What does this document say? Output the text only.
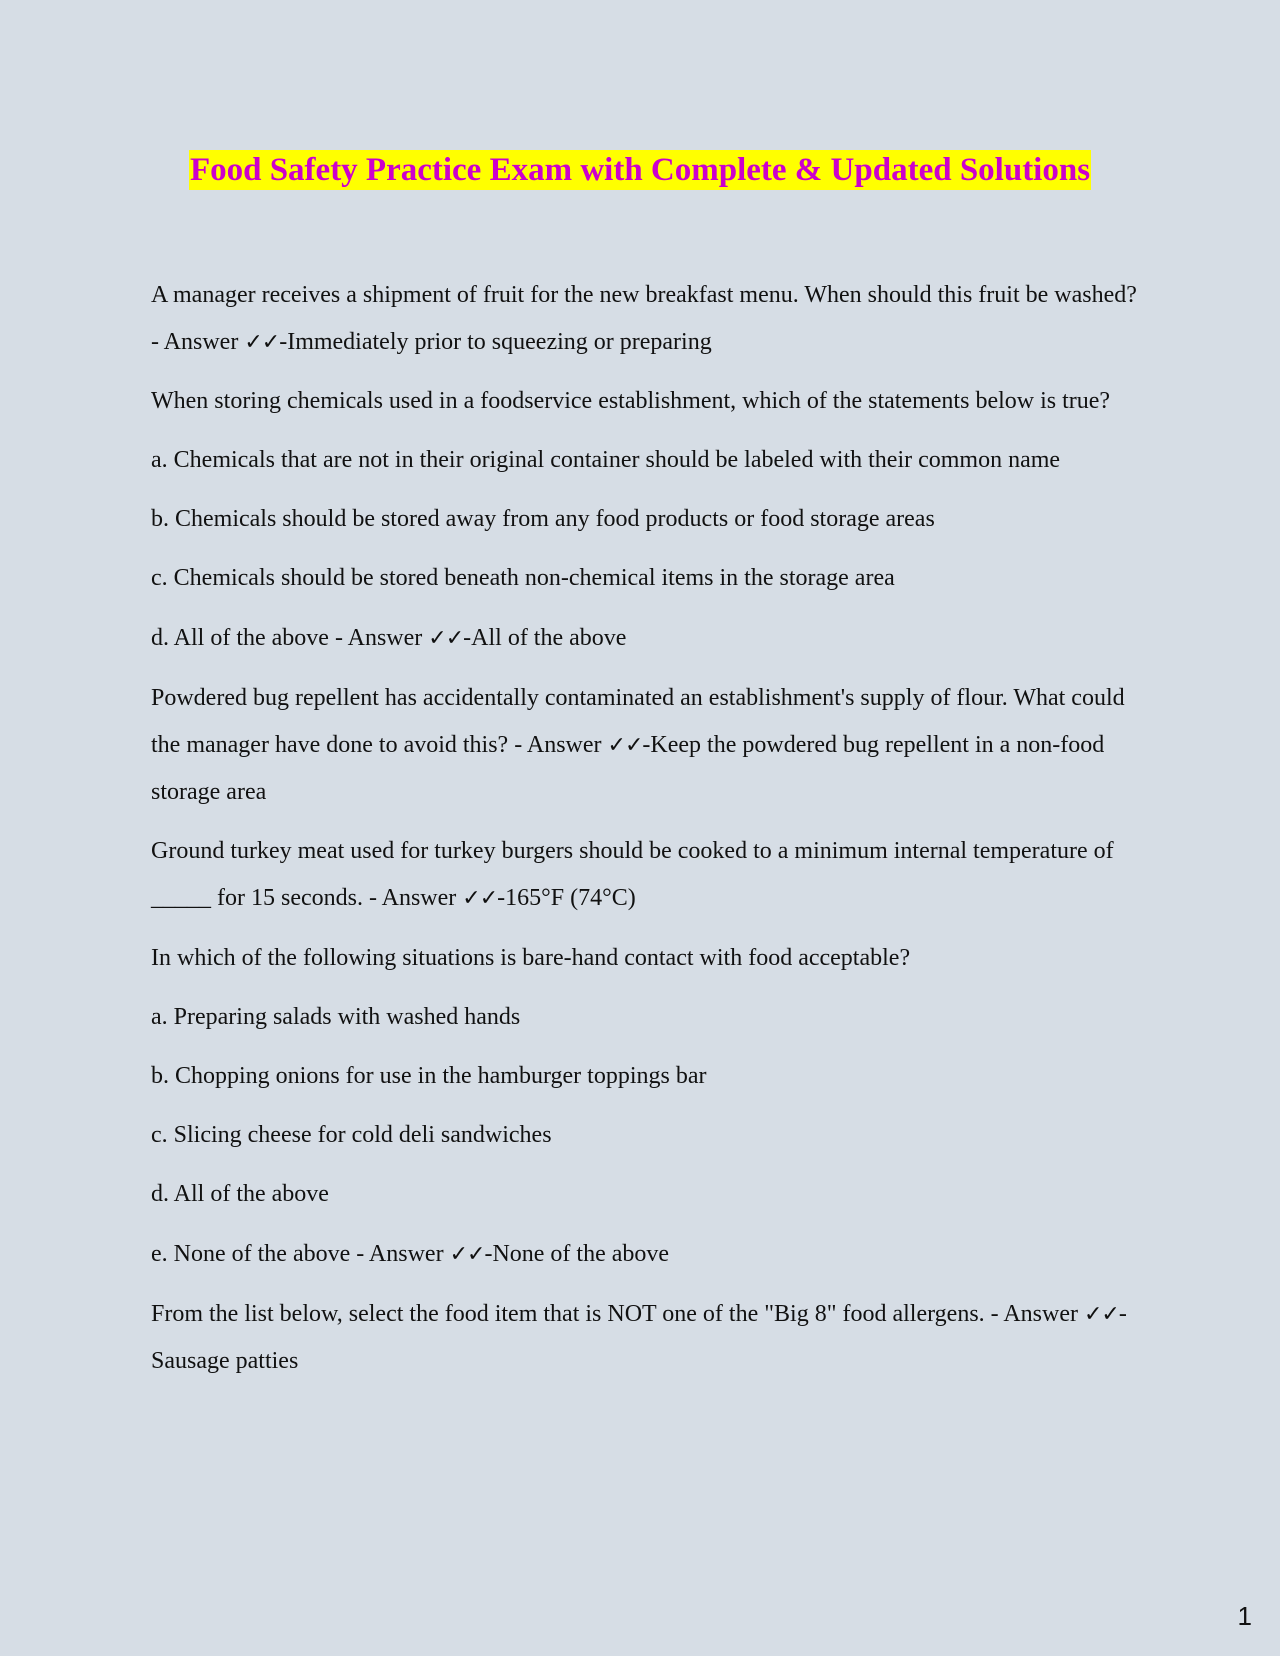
Food Safety Practice Exam with Complete & Updated Solutions

A manager receives a shipment of fruit for the new breakfast menu. When should this fruit be washed? - Answer ✓✓-Immediately prior to squeezing or preparing

When storing chemicals used in a foodservice establishment, which of the statements below is true?

a. Chemicals that are not in their original container should be labeled with their common name

b. Chemicals should be stored away from any food products or food storage areas

c. Chemicals should be stored beneath non-chemical items in the storage area

d. All of the above - Answer ✓✓-All of the above

Powdered bug repellent has accidentally contaminated an establishment's supply of flour. What could the manager have done to avoid this? - Answer ✓✓-Keep the powdered bug repellent in a non-food storage area

Ground turkey meat used for turkey burgers should be cooked to a minimum internal temperature of _____ for 15 seconds. - Answer ✓✓-165°F (74°C)

In which of the following situations is bare-hand contact with food acceptable?

a. Preparing salads with washed hands

b. Chopping onions for use in the hamburger toppings bar

c. Slicing cheese for cold deli sandwiches

d. All of the above

e. None of the above - Answer ✓✓-None of the above

From the list below, select the food item that is NOT one of the "Big 8" food allergens. - Answer ✓✓-Sausage patties

1
